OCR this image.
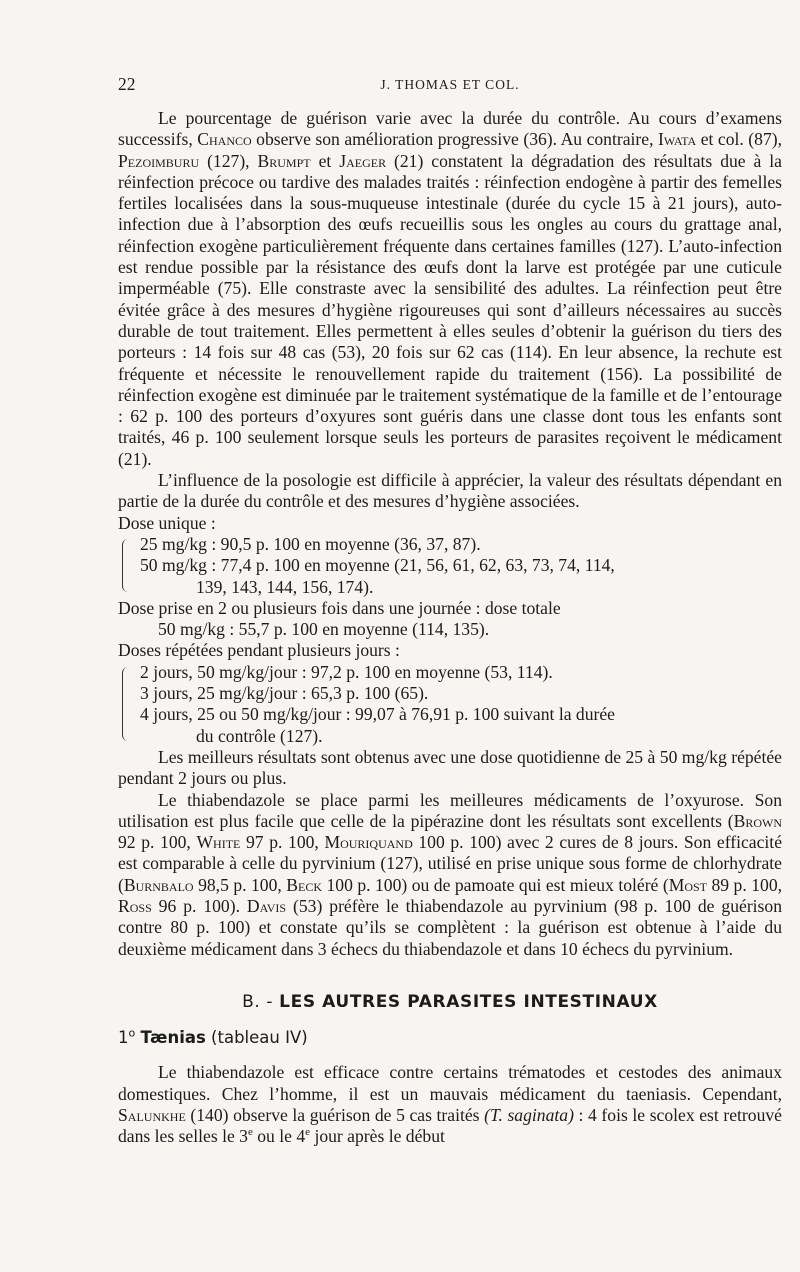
22	J. THOMAS ET COL.

Le pourcentage de guérison varie avec la durée du contrôle. Au cours d’examens successifs, Chanco observe son amélioration progressive (36). Au contraire, Iwata et col. (87), Pezoimburu (127), Brumpt et Jaeger (21) constatent la dégradation des résultats due à la réinfection précoce ou tardive des malades traités : réinfection endogène à partir des femelles fertiles localisées dans la sous-muqueuse intestinale (durée du cycle 15 à 21 jours), auto-infection due à l’absorption des œufs recueillis sous les ongles au cours du grattage anal, réinfection exogène particulièrement fréquente dans certaines familles (127). L’auto-infection est rendue possible par la résistance des œufs dont la larve est protégée par une cuticule imperméable (75). Elle constraste avec la sensibilité des adultes. La réinfection peut être évitée grâce à des mesures d’hygiène rigoureuses qui sont d’ailleurs nécessaires au succès durable de tout traitement. Elles permettent à elles seules d’obtenir la guérison du tiers des porteurs : 14 fois sur 48 cas (53), 20 fois sur 62 cas (114). En leur absence, la rechute est fréquente et nécessite le renouvellement rapide du traitement (156). La possibilité de réinfection exogène est diminuée par le traitement systématique de la famille et de l’entourage : 62 p. 100 des porteurs d’oxyures sont guéris dans une classe dont tous les enfants sont traités, 46 p. 100 seulement lorsque seuls les porteurs de parasites reçoivent le médicament (21).

L’influence de la posologie est difficile à apprécier, la valeur des résultats dépendant en partie de la durée du contrôle et des mesures d’hygiène associées.

Dose unique :

25 mg/kg : 90,5 p. 100 en moyenne (36, 37, 87).

50 mg/kg : 77,4 p. 100 en moyenne (21, 56, 61, 62, 63, 73, 74, 114,

139, 143, 144, 156, 174).

Dose prise en 2 ou plusieurs fois dans une journée : dose totale

50 mg/kg : 55,7 p. 100 en moyenne (114, 135).

Doses répétées pendant plusieurs jours :

2 jours, 50 mg/kg/jour : 97,2 p. 100 en moyenne (53, 114).

3 jours, 25 mg/kg/jour : 65,3 p. 100 (65).

4 jours, 25 ou 50 mg/kg/jour : 99,07 à 76,91 p. 100 suivant la durée

du contrôle (127).

Les meilleurs résultats sont obtenus avec une dose quotidienne de 25 à 50 mg/kg répétée pendant 2 jours ou plus.

Le thiabendazole se place parmi les meilleures médicaments de l’oxyurose. Son utilisation est plus facile que celle de la pipérazine dont les résultats sont excellents (Brown 92 p. 100, White 97 p. 100, Mouriquand 100 p. 100) avec 2 cures de 8 jours. Son efficacité est comparable à celle du pyrvinium (127), utilisé en prise unique sous forme de chlorhydrate (Burnbalo 98,5 p. 100, Beck 100 p. 100) ou de pamoate qui est mieux toléré (Most 89 p. 100, Ross 96 p. 100). Davis (53) préfère le thiabendazole au pyrvinium (98 p. 100 de guérison contre 80 p. 100) et constate qu’ils se complètent : la guérison est obtenue à l’aide du deuxième médicament dans 3 échecs du thiabendazole et dans 10 échecs du pyrvinium.

B. - LES AUTRES PARASITES INTESTINAUX
1$^o$ Tænias (tableau IV)

Le thiabendazole est efficace contre certains trématodes et cestodes des animaux domestiques. Chez l’homme, il est un mauvais médicament du taeniasis. Cependant, Salunkhe (140) observe la guérison de 5 cas traités (T. saginata) : 4 fois le scolex est retrouvé dans les selles le 3e ou le 4e jour après le début
